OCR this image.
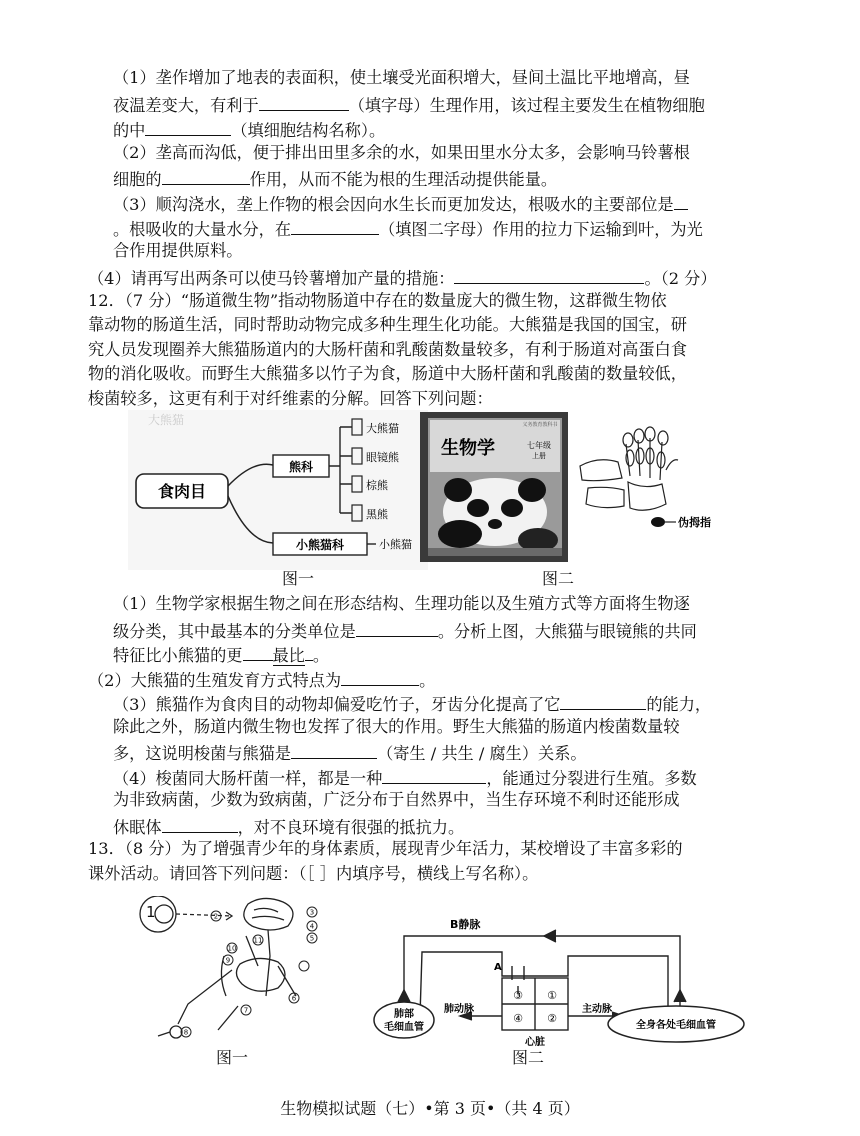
（1）垄作增加了地表的表面积，使土壤受光面积增大，昼间土温比平地增高，昼
夜温差变大，有利于	（填字母）生理作用，该过程主要发生在植物细胞
的中	（填细胞结构名称）。
（2）垄高而沟低，便于排出田里多余的水，如果田里水分太多，会影响马铃薯根
细胞的	作用，从而不能为根的生理活动提供能量。
（3）顺沟浇水，垄上作物的根会因向水生长而更加发达，根吸水的主要部位是
。根吸收的大量水分，在	（填图二字母）作用的拉力下运输到叶，为光
合作用提供原料。
（4）请再写出两条可以使马铃薯增加产量的措施：	。（2 分）
12．（7 分）“肠道微生物”指动物肠道中存在的数量庞大的微生物，这群微生物依
靠动物的肠道生活，同时帮助动物完成多种生理生化功能。大熊猫是我国的国宝，研
究人员发现圈养大熊猫肠道内的大肠杆菌和乳酸菌数量较多，有利于肠道对高蛋白食
物的消化吸收。而野生大熊猫多以竹子为食，肠道中大肠杆菌和乳酸菌的数量较低，
梭菌较多，这更有利于对纤维素的分解。回答下列问题：
大熊猫
食肉目
熊科
小熊猫科
大熊猫
眼镜熊
棕熊
黑熊
小熊猫
图一
义务教育教科书
生物学	七年级
上册
伪拇指
图二
（1）生物学家根据生物之间在形态结构、生理功能以及生殖方式等方面将生物逐
级分类，其中最基本的分类单位是	。分析上图，大熊猫与眼镜熊的共同
特征比小熊猫的更 最比 。
（2）大熊猫的生殖发育方式特点为	。
（3）熊猫作为食肉目的动物却偏爱吃竹子，牙齿分化提高了它	的能力，
除此之外，肠道内微生物也发挥了很大的作用。野生大熊猫的肠道内梭菌数量较
多，这说明梭菌与熊猫是	（寄生 / 共生 / 腐生）关系。
（4）梭菌同大肠杆菌一样，都是一种	，能通过分裂进行生殖。多数
为非致病菌，少数为致病菌，广泛分布于自然界中，当生存环境不利时还能形成
休眠体	，对不良环境有很强的抵抗力。
13．（8 分）为了增强青少年的身体素质，展现青少年活力，某校增设了丰富多彩的
课外活动。请回答下列问题：（［ ］内填序号，横线上写名称）。
1	2	3
4
5
6
7
8
9
10
11
图一
B静脉
A
肺部
毛细血管
肺动脉	主动脉
全身各处毛细血管
心脏
③ ①
④ ②
图二
生物模拟试题（七）•第 3 页•（共 4 页）
